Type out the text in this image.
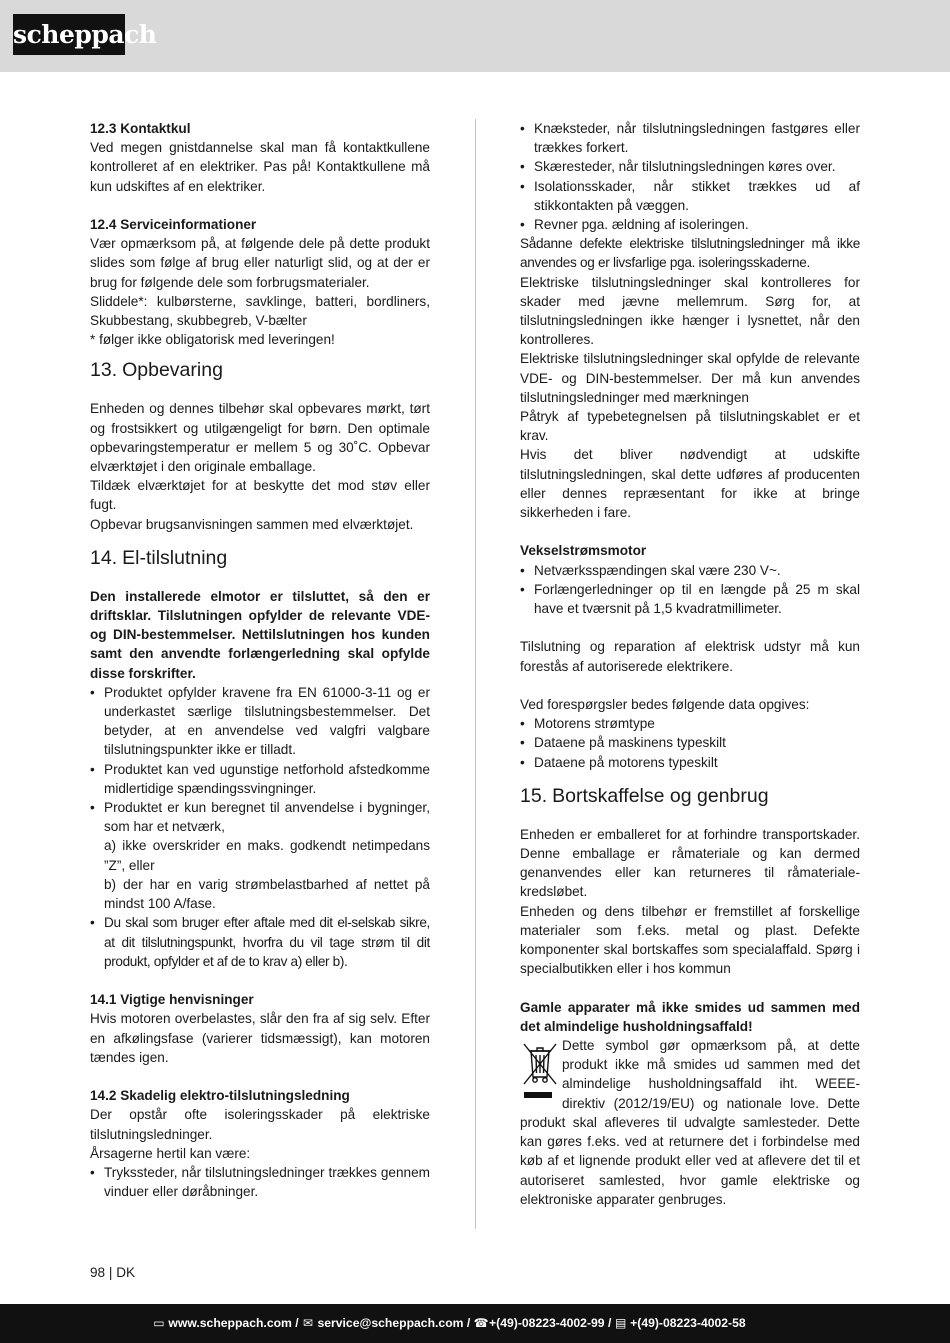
scheppach

12.3 Kontaktkul

Ved megen gnistdannelse skal man få kontaktkullene kontrolleret af en elektriker. Pas på! Kontaktkullene må kun udskiftes af en elektriker.

12.4 Serviceinformationer

Vær opmærksom på, at følgende dele på dette produkt slides som følge af brug eller naturligt slid, og at der er brug for følgende dele som forbrugsmaterialer.

Sliddele*: kulbørsterne, savklinge, batteri, bordliners, Skubbestang, skubbegreb, V-bælter

* følger ikke obligatorisk med leveringen!

13. Opbevaring

Enheden og dennes tilbehør skal opbevares mørkt, tørt og frostsikkert og utilgængeligt for børn. Den optimale opbevaringstemperatur er mellem 5 og 30˚C. Opbevar elværktøjet i den originale emballage.

Tildæk elværktøjet for at beskytte det mod støv eller fugt.

Opbevar brugsanvisningen sammen med elværktøjet.

14. El-tilslutning

Den installerede elmotor er tilsluttet, så den er driftsklar. Tilslutningen opfylder de relevante VDE- og DIN-bestemmelser. Nettilslutningen hos kunden samt den anvendte forlængerledning skal opfylde disse forskrifter.

• Produktet opfylder kravene fra EN 61000-3-11 og er underkastet særlige tilslutningsbestemmelser. Det betyder, at en anvendelse ved valgfri valgbare tilslutningspunkter ikke er tilladt.
• Produktet kan ved ugunstige netforhold afstedkomme midlertidige spændingssvingninger.
• Produktet er kun beregnet til anvendelse i bygninger, som har et netværk,
a) ikke overskrider en maks. godkendt netimpedans ”Z”, eller
b) der har en varig strømbelastbarhed af nettet på mindst 100 A/fase.
• Du skal som bruger efter aftale med dit el-selskab sikre, at dit tilslutningspunkt, hvorfra du vil tage strøm til dit produkt, opfylder et af de to krav a) eller b).

14.1 Vigtige henvisninger

Hvis motoren overbelastes, slår den fra af sig selv. Efter en afkølingsfase (varierer tidsmæssigt), kan motoren tændes igen.

14.2 Skadelig elektro-tilslutningsledning

Der opstår ofte isoleringsskader på elektriske tilslutningsledninger.

Årsagerne hertil kan være:

• Trykssteder, når tilslutningsledninger trækkes gennem vinduer eller døråbninger.
• Knæksteder, når tilslutningsledningen fastgøres eller trækkes forkert.
• Skæresteder, når tilslutningsledningen køres over.
• Isolationsskader, når stikket trækkes ud af stikkontakten på væggen.
• Revner pga. ældning af isoleringen.

Sådanne defekte elektriske tilslutningsledninger må ikke anvendes og er livsfarlige pga. isoleringsskaderne.

Elektriske tilslutningsledninger skal kontrolleres for skader med jævne mellemrum. Sørg for, at tilslutningsledningen ikke hænger i lysnettet, når den kontrolleres.

Elektriske tilslutningsledninger skal opfylde de relevante VDE- og DIN-bestemmelser. Der må kun anvendes tilslutningsledninger med mærkningen

Påtryk af typebetegnelsen på tilslutningskablet er et krav.

Hvis det bliver nødvendigt at udskifte tilslutningsledningen, skal dette udføres af producenten eller dennes repræsentant for ikke at bringe sikkerheden i fare.

Vekselstrømsmotor

• Netværksspændingen skal være 230 V~.
• Forlængerledninger op til en længde på 25 m skal have et tværsnit på 1,5 kvadratmillimeter.

Tilslutning og reparation af elektrisk udstyr må kun forestås af autoriserede elektrikere.

Ved forespørgsler bedes følgende data opgives:

• Motorens strømtype
• Dataene på maskinens typeskilt
• Dataene på motorens typeskilt
15. Bortskaffelse og genbrug

Enheden er emballeret for at forhindre transportskader. Denne emballage er råmateriale og kan dermed genanvendes eller kan returneres til råmateriale-kredsløbet.

Enheden og dens tilbehør er fremstillet af forskellige materialer som f.eks. metal og plast. Defekte komponenter skal bortskaffes som specialaffald. Spørg i specialbutikken eller i hos kommun

Gamle apparater må ikke smides ud sammen med det almindelige husholdningsaffald!

Dette symbol gør opmærksom på, at dette produkt ikke må smides ud sammen med det almindelige husholdningsaffald iht. WEEE-direktiv (2012/19/EU) og nationale love. Dette produkt skal afleveres til udvalgte samlesteder. Dette kan gøres f.eks. ved at returnere det i forbindelse med køb af et lignende produkt eller ved at aflevere det til et autoriseret samlested, hvor gamle elektriske og elektroniske apparater genbruges.

98 | DK
▭ www.scheppach.com / ✉ service@scheppach.com / ☎ +(49)-08223-4002-99 / ▤ +(49)-08223-4002-58
